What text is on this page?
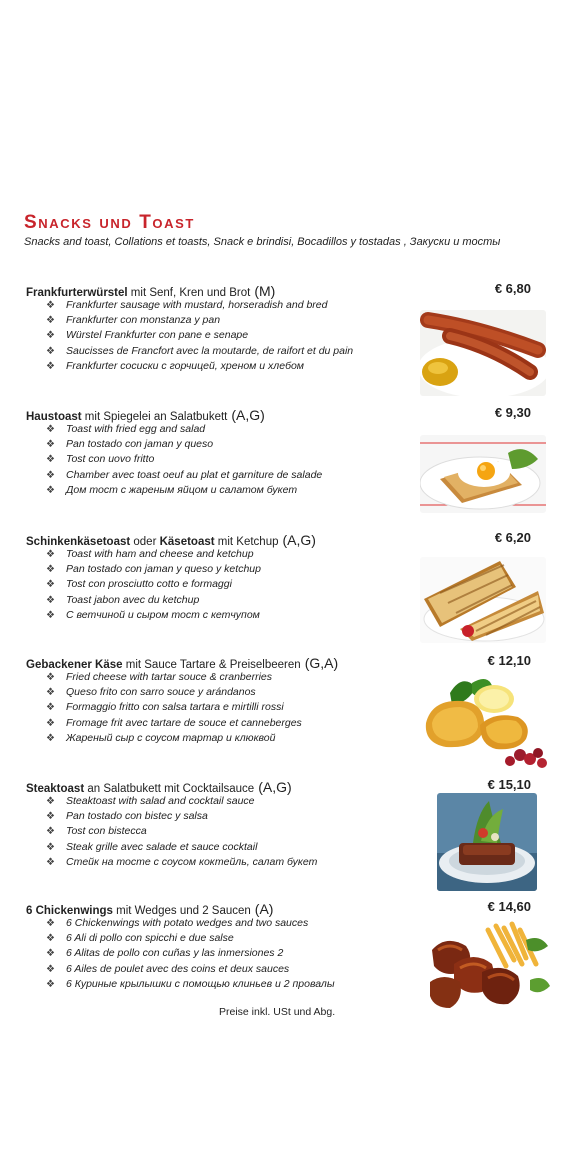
Snacks und Toast
Snacks and toast, Collations et toasts, Snack e brindisi, Bocadillos y tostadas , Закуски и тосты
Frankfurterwürstel mit Senf, Kren und Brot (M)	€ 6,80
❖ Frankfurter sausage with mustard, horseradish and bred
❖ Frankfurter con monstanza y pan
❖ Würstel Frankfurter con pane e senape
❖ Saucisses de Francfort avec la moutarde, de raifort et du pain
❖ Frankfurter сосиски с горчицей, хреном и хлебом
Haustoast mit Spiegelei an Salatbukett (A,G)	€ 9,30
❖ Toast with fried egg and salad
❖ Pan tostado con jaman y queso
❖ Tost con uovo fritto
❖ Chamber avec toast oeuf au plat et garniture de salade
❖ Дом тост с жареным яйцом и салатом букет
Schinkenkäsetoast oder Käsetoast mit Ketchup (A,G)	€ 6,20
❖ Toast with ham and cheese and ketchup
❖ Pan tostado con jaman y queso y ketchup
❖ Tost con prosciutto cotto e formaggi
❖ Toast jabon avec du ketchup
❖ С ветчиной и сыром тост с кетчупом
Gebackener Käse mit Sauce Tartare & Preiselbeeren (G,A)	€ 12,10
❖ Fried cheese with tartar souce & cranberries
❖ Queso frito con sarro souce y arándanos
❖ Formaggio fritto con salsa tartara e mirtilli rossi
❖ Fromage frit avec tartare de souce et canneberges
❖ Жареный сыр с соусом тартар и клюквой
Steaktoast an Salatbukett mit Cocktailsauce (A,G)	€ 15,10
❖ Steaktoast with salad and cocktail sauce
❖ Pan tostado con bistec y salsa
❖ Tost con bistecca
❖ Steak grille avec salade et sauce cocktail
❖ Стейк на тосте с соусом коктейль, салат букет
6 Chickenwings mit Wedges und 2 Saucen (A)	€ 14,60
❖ 6 Chickenwings with potato wedges and two sauces
❖ 6 Ali di pollo con spicchi e due salse
❖ 6 Alitas de pollo con cuñas y las inmersiones 2
❖ 6 Ailes de poulet avec des coins et deux sauces
❖ 6 Куриные крылышки с помощью клиньев и 2 провалы
Preise inkl. USt und Abg.
